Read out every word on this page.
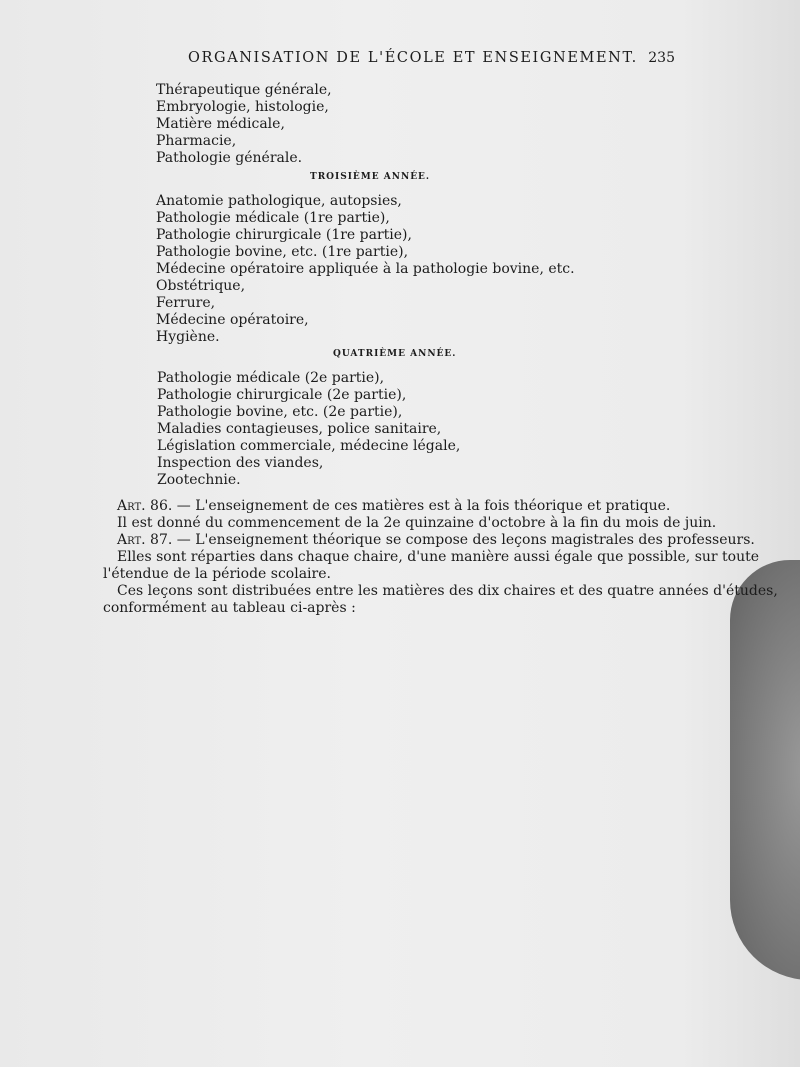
ORGANISATION DE L'ÉCOLE ET ENSEIGNEMENT. 235
Thérapeutique générale,
Embryologie, histologie,
Matière médicale,
Pharmacie,
Pathologie générale.
TROISIÈME ANNÉE.
Anatomie pathologique, autopsies,
Pathologie médicale (1re partie),
Pathologie chirurgicale (1re partie),
Pathologie bovine, etc. (1re partie),
Médecine opératoire appliquée à la pathologie bovine, etc.
Obstétrique,
Ferrure,
Médecine opératoire,
Hygiène.
QUATRIÈME ANNÉE.
Pathologie médicale (2e partie),
Pathologie chirurgicale (2e partie),
Pathologie bovine, etc. (2e partie),
Maladies contagieuses, police sanitaire,
Législation commerciale, médecine légale,
Inspection des viandes,
Zootechnie.
Art. 86. — L'enseignement de ces matières est à la fois théorique et pratique.
Il est donné du commencement de la 2e quinzaine d'octobre à la fin du mois de juin.
Art. 87. — L'enseignement théorique se compose des leçons magistrales des professeurs.
Elles sont réparties dans chaque chaire, d'une manière aussi égale que possible, sur toute
l'étendue de la période scolaire.
Ces leçons sont distribuées entre les matières des dix chaires et des quatre années d'études,
conformément au tableau ci-après :
